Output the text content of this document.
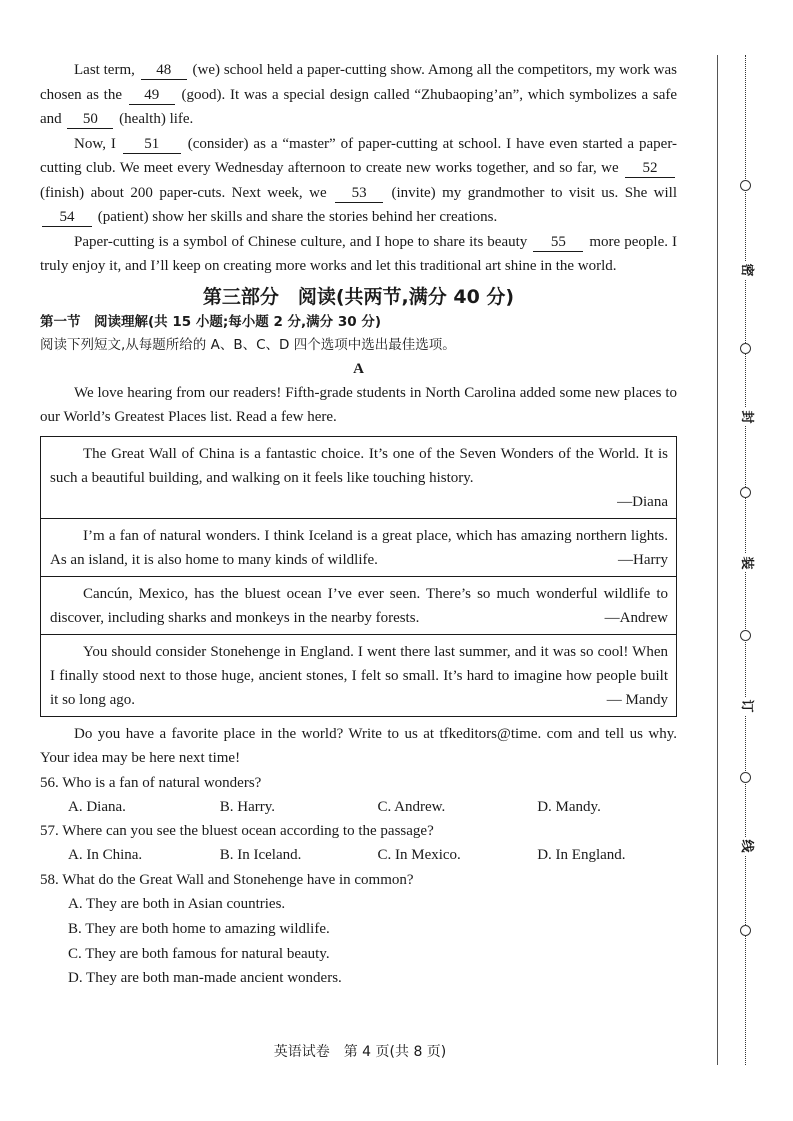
Last term, 48 (we) school held a paper-cutting show. Among all the competitors, my work was chosen as the 49 (good). It was a special design called “Zhubaoping’an”, which symbolizes a safe and 50 (health) life.

Now, I 51 (consider) as a “master” of paper-cutting at school. I have even started a paper-cutting club. We meet every Wednesday afternoon to create new works together, and so far, we 52 (finish) about 200 paper-cuts. Next week, we 53 (invite) my grandmother to visit us. She will 54 (patient) show her skills and share the stories behind her creations.

Paper-cutting is a symbol of Chinese culture, and I hope to share its beauty 55 more people. I truly enjoy it, and I’ll keep on creating more works and let this traditional art shine in the world.

第三部分　阅读(共两节,满分 40 分)
第一节　阅读理解(共 15 小题;每小题 2 分,满分 30 分)
阅读下列短文,从每题所给的 A、B、C、D 四个选项中选出最佳选项。
A

We love hearing from our readers! Fifth-grade students in North Carolina added some new places to our World’s Greatest Places list. Read a few here.

The Great Wall of China is a fantastic choice. It’s one of the Seven Wonders of the World. It is such a beautiful building, and walking on it feels like touching history.

—Diana

I’m a fan of natural wonders. I think Iceland is a great place, which has amazing northern lights. As an island, it is also home to many kinds of wildlife.	—Harry

Cancún, Mexico, has the bluest ocean I’ve ever seen. There’s so much wonderful wildlife to discover, including sharks and monkeys in the nearby forests.	—Andrew

You should consider Stonehenge in England. I went there last summer, and it was so cool! When I finally stood next to those huge, ancient stones, I felt so small. It’s hard to imagine how people built it so long ago.	— Mandy

Do you have a favorite place in the world? Write to us at tfkeditors@time. com and tell us why. Your idea may be here next time!

56. Who is a fan of natural wonders?
A. Diana.	B. Harry.	C. Andrew.	D. Mandy.
57. Where can you see the bluest ocean according to the passage?
A. In China.	B. In Iceland.	C. In Mexico.	D. In England.
58. What do the Great Wall and Stonehenge have in common?
A. They are both in Asian countries.
B. They are both home to amazing wildlife.
C. They are both famous for natural beauty.
D. They are both man-made ancient wonders.
英语试卷　第 4 页(共 8 页)
密
封
装
订
线
